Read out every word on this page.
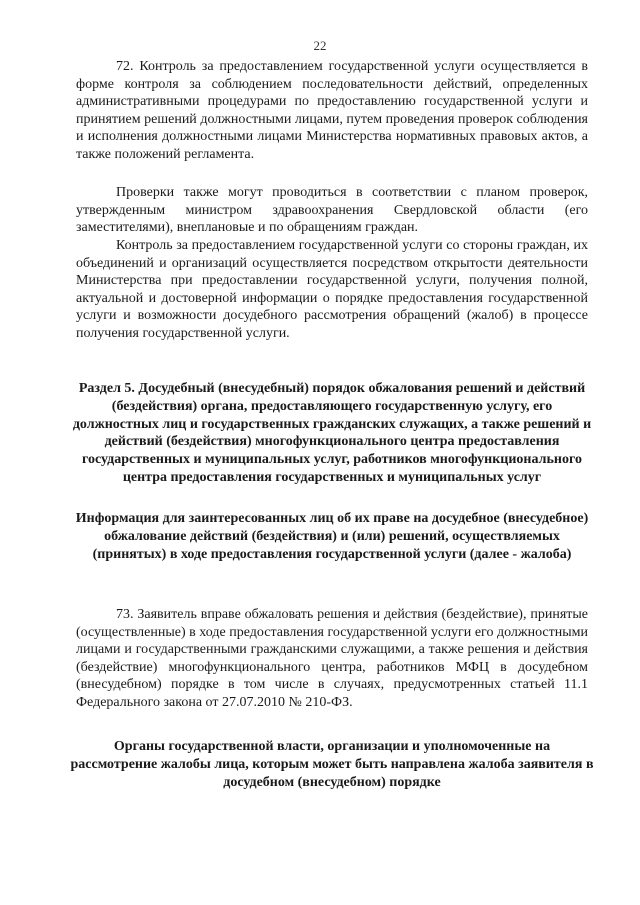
22

72. Контроль за предоставлением государственной услуги осуществляется в форме контроля за соблюдением последовательности действий, определенных административными процедурами по предоставлению государственной услуги и принятием решений должностными лицами, путем проведения проверок соблюдения и исполнения должностными лицами Министерства нормативных правовых актов, а также положений регламента.

Проверки также могут проводиться в соответствии с планом проверок, утвержденным министром здравоохранения Свердловской области (его заместителями), внеплановые и по обращениям граждан.

Контроль за предоставлением государственной услуги со стороны граждан, их объединений и организаций осуществляется посредством открытости деятельности Министерства при предоставлении государственной услуги, получения полной, актуальной и достоверной информации о порядке предоставления государственной услуги и возможности досудебного рассмотрения обращений (жалоб) в процессе получения государственной услуги.

Раздел 5. Досудебный (внесудебный) порядок обжалования решений и действий (бездействия) органа, предоставляющего государственную услугу, его должностных лиц и государственных гражданских служащих, а также решений и действий (бездействия) многофункционального центра предоставления государственных и муниципальных услуг, работников многофункционального центра предоставления государственных и муниципальных услуг
Информация для заинтересованных лиц об их праве на досудебное (внесудебное) обжалование действий (бездействия) и (или) решений, осуществляемых (принятых) в ходе предоставления государственной услуги (далее - жалоба)

73. Заявитель вправе обжаловать решения и действия (бездействие), принятые (осуществленные) в ходе предоставления государственной услуги его должностными лицами и государственными гражданскими служащими, а также решения и действия (бездействие) многофункционального центра, работников МФЦ в досудебном (внесудебном) порядке в том числе в случаях, предусмотренных статьей 11.1 Федерального закона от 27.07.2010 № 210-ФЗ.

Органы государственной власти, организации и уполномоченные на рассмотрение жалобы лица, которым может быть направлена жалоба заявителя в досудебном (внесудебном) порядке
